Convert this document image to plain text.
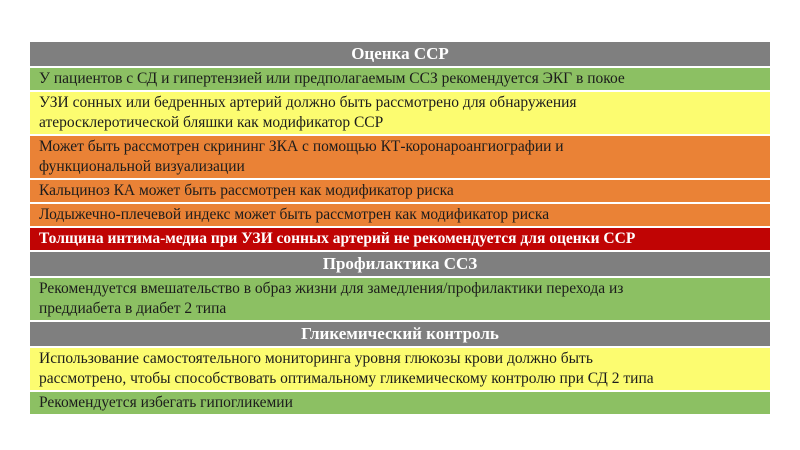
Оценка ССР
У пациентов с СД и гипертензией или предполагаемым ССЗ рекомендуется ЭКГ в покое
УЗИ сонных или бедренных артерий должно быть рассмотрено для обнаружения
атеросклеротической бляшки как модификатор ССР
Может быть рассмотрен скрининг ЗКА с помощью КТ-коронароангиографии и
функциональной визуализации
Кальциноз КА может быть рассмотрен как модификатор риска
Лодыжечно-плечевой индекс может быть рассмотрен как модификатор риска
Толщина интима-медиа при УЗИ сонных артерий не рекомендуется для оценки ССР
Профилактика ССЗ
Рекомендуется вмешательство в образ жизни для замедления/профилактики перехода из
преддиабета в диабет 2 типа
Гликемический контроль
Использование самостоятельного мониторинга уровня глюкозы крови должно быть
рассмотрено, чтобы способствовать оптимальному гликемическому контролю при СД 2 типа
Рекомендуется избегать гипогликемии
